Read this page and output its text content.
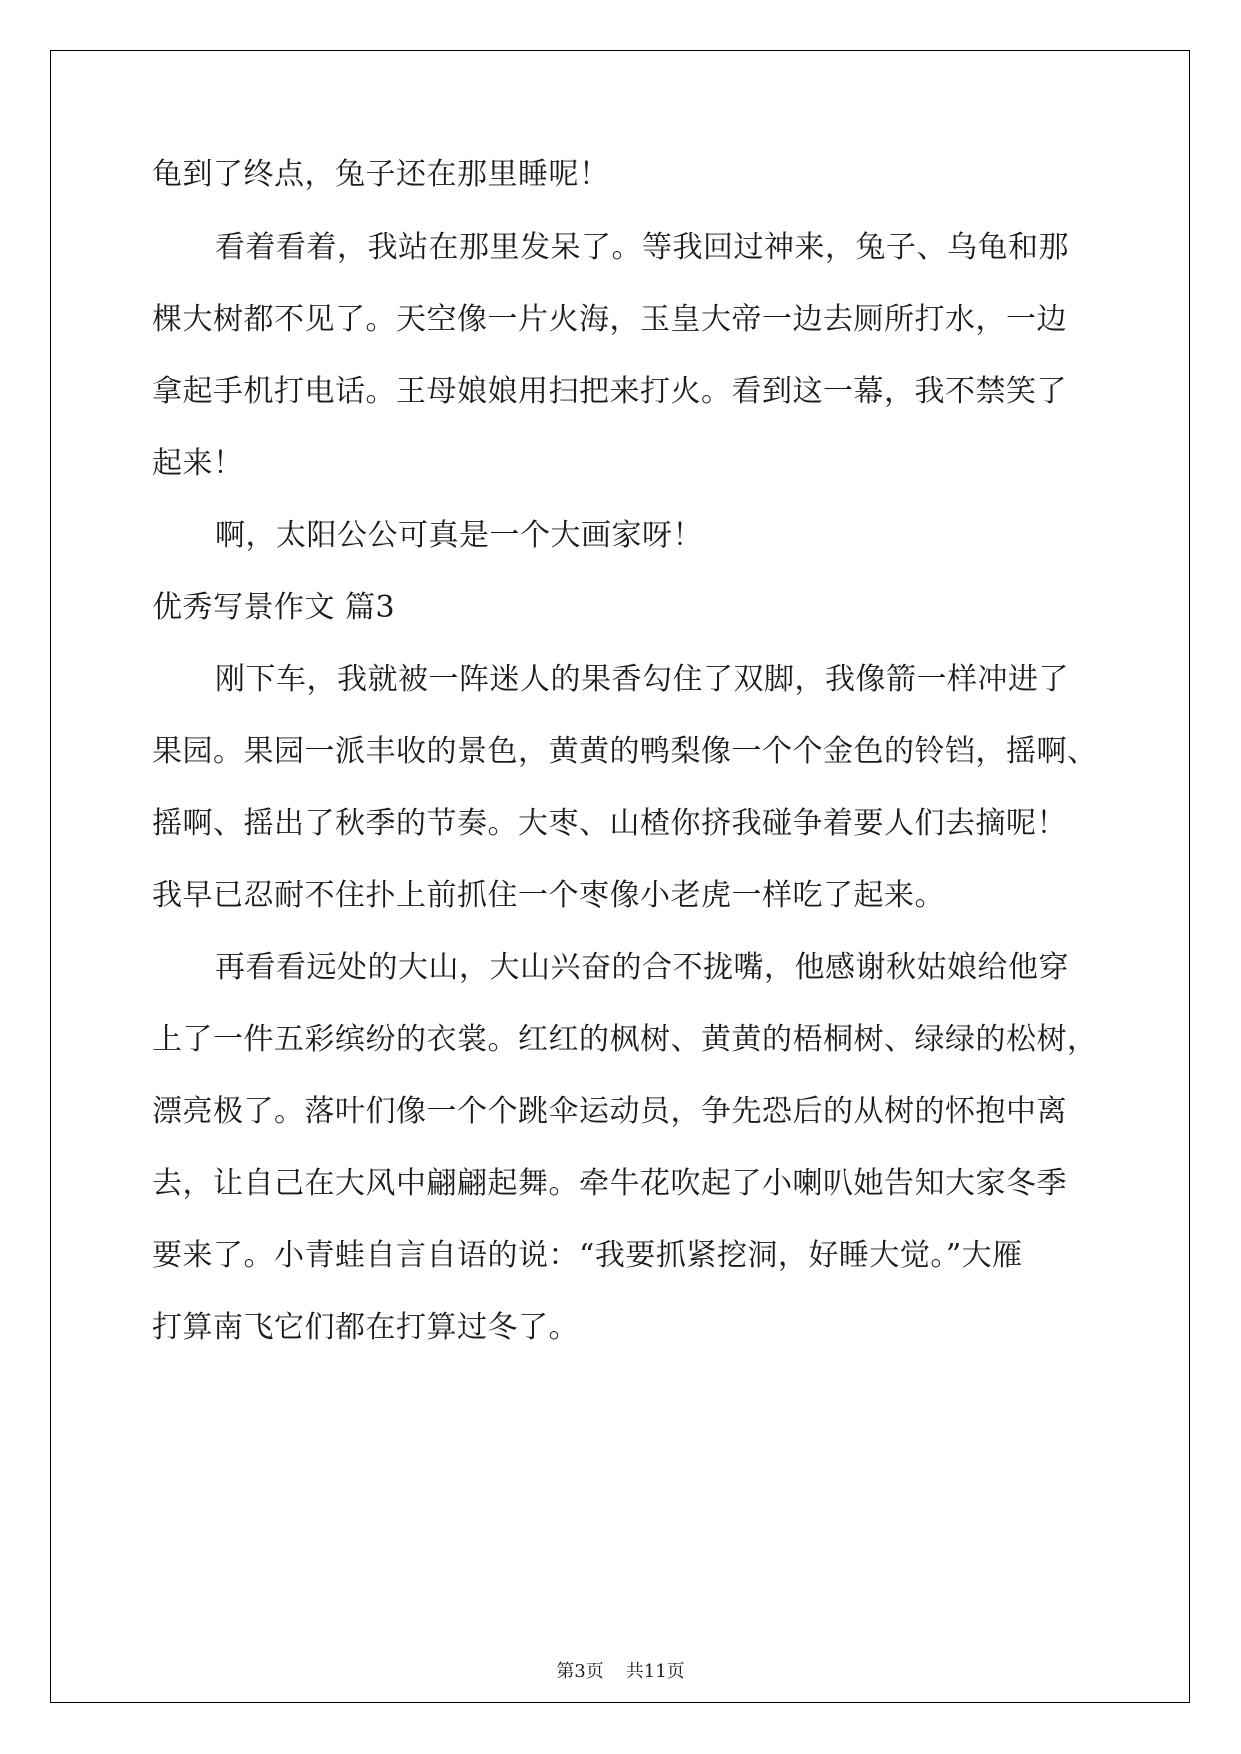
龟到了终点，兔子还在那里睡呢！
看着看着，我站在那里发呆了。等我回过神来，兔子、乌龟和那
棵大树都不见了。天空像一片火海，玉皇大帝一边去厕所打水，一边
拿起手机打电话。王母娘娘用扫把来打火。看到这一幕，我不禁笑了
起来！
啊，太阳公公可真是一个大画家呀！
优秀写景作文 篇3
刚下车，我就被一阵迷人的果香勾住了双脚，我像箭一样冲进了
果园。果园一派丰收的景色，黄黄的鸭梨像一个个金色的铃铛，摇啊、
摇啊、摇出了秋季的节奏。大枣、山楂你挤我碰争着要人们去摘呢！
我早已忍耐不住扑上前抓住一个枣像小老虎一样吃了起来。
再看看远处的大山，大山兴奋的合不拢嘴，他感谢秋姑娘给他穿
上了一件五彩缤纷的衣裳。红红的枫树、黄黄的梧桐树、绿绿的松树，
漂亮极了。落叶们像一个个跳伞运动员，争先恐后的从树的怀抱中离
去，让自己在大风中翩翩起舞。牵牛花吹起了小喇叭她告知大家冬季
要来了。小青蛙自言自语的说：“我要抓紧挖洞，好睡大觉。”大雁
打算南飞它们都在打算过冬了。
第3页 共11页
